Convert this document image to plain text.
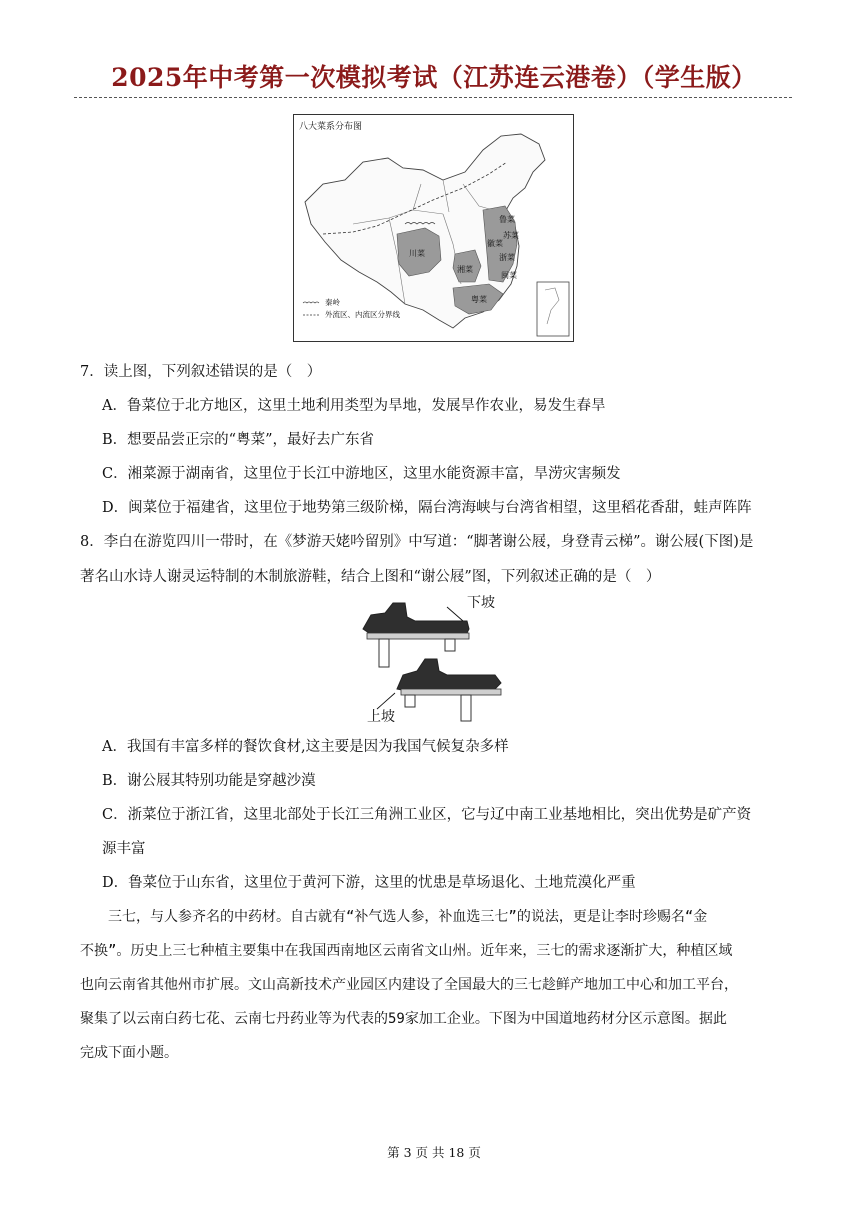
2025年中考第一次模拟考试（江苏连云港卷）（学生版）
八大菜系分布图
川菜
湘菜
粤菜
闽菜
浙菜
苏菜
徽菜
鲁菜
秦岭
外流区、内流区分界线
7．读上图，下列叙述错误的是（　）
A．鲁菜位于北方地区，这里土地利用类型为旱地，发展旱作农业，易发生春旱
B．想要品尝正宗的“粤菜”，最好去广东省
C．湘菜源于湖南省，这里位于长江中游地区，这里水能资源丰富，旱涝灾害频发
D．闽菜位于福建省，这里位于地势第三级阶梯，隔台湾海峡与台湾省相望，这里稻花香甜，蛙声阵阵
8．李白在游览四川一带时，在《梦游天姥吟留别》中写道：“脚著谢公屐，身登青云梯”。谢公屐(下图)是
著名山水诗人谢灵运特制的木制旅游鞋，结合上图和“谢公屐”图，下列叙述正确的是（　）
下坡
上坡
A．我国有丰富多样的餐饮食材,这主要是因为我国气候复杂多样
B．谢公屐其特别功能是穿越沙漠
C．浙菜位于浙江省，这里北部处于长江三角洲工业区，它与辽中南工业基地相比，突出优势是矿产资
源丰富
D．鲁菜位于山东省，这里位于黄河下游，这里的忧患是草场退化、土地荒漠化严重
　　三七，与人参齐名的中药材。自古就有“补气选人参，补血选三七”的说法，更是让李时珍赐名“金
不换”。历史上三七种植主要集中在我国西南地区云南省文山州。近年来，三七的需求逐渐扩大，种植区域
也向云南省其他州市扩展。文山高新技术产业园区内建设了全国最大的三七趁鲜产地加工中心和加工平台，
聚集了以云南白药七花、云南七丹药业等为代表的59家加工企业。下图为中国道地药材分区示意图。据此
完成下面小题。
第 3 页 共 18 页
